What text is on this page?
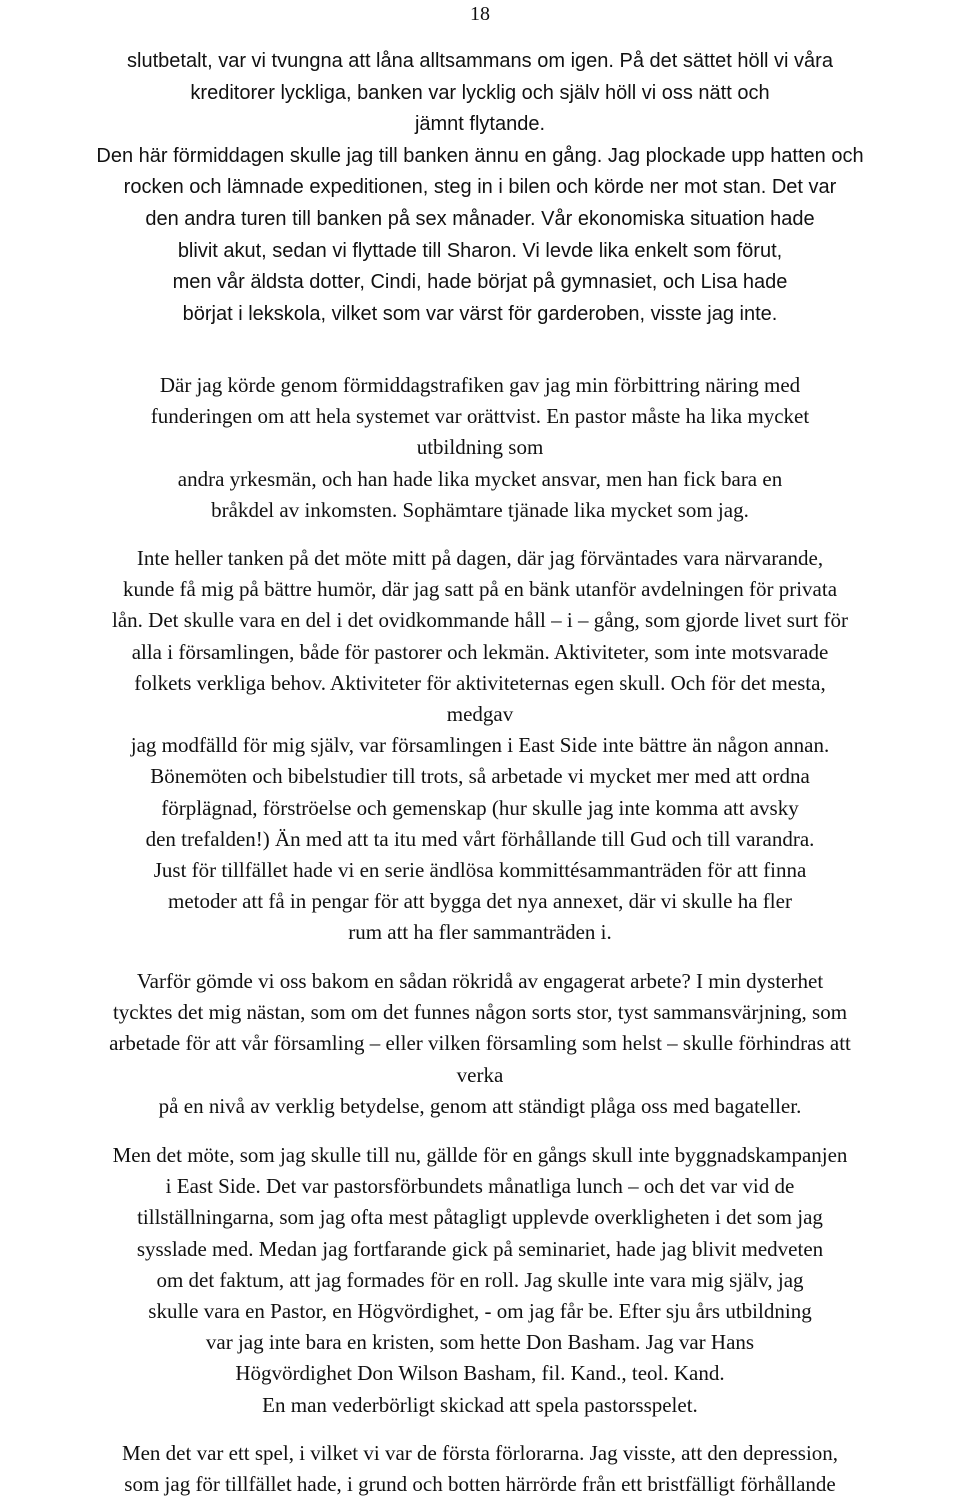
18
slutbetalt, var vi tvungna att låna alltsammans om igen. På det sättet höll vi våra
kreditorer lyckliga, banken var lycklig och själv höll vi oss nätt och
jämnt flytande.
Den här förmiddagen skulle jag till banken ännu en gång. Jag plockade upp hatten och
rocken och lämnade expeditionen, steg in i bilen och körde ner mot stan. Det var
den andra turen till banken på sex månader. Vår ekonomiska situation hade
blivit akut, sedan vi flyttade till Sharon. Vi levde lika enkelt som förut,
men vår äldsta dotter, Cindi, hade börjat på gymnasiet, och Lisa hade
börjat i lekskola, vilket som var värst för garderoben, visste jag inte.
Där jag körde genom förmiddagstrafiken gav jag min förbittring näring med
funderingen om att hela systemet var orättvist. En pastor måste ha lika mycket
utbildning som
andra yrkesmän, och han hade lika mycket ansvar, men han fick bara en
bråkdel av inkomsten. Sophämtare tjänade lika mycket som jag.
Inte heller tanken på det möte mitt på dagen, där jag förväntades vara närvarande,
kunde få mig på bättre humör, där jag satt på en bänk utanför avdelningen för privata
lån. Det skulle vara en del i det ovidkommande håll – i – gång, som gjorde livet surt för
alla i församlingen, både för pastorer och lekmän. Aktiviteter, som inte motsvarade
folkets verkliga behov. Aktiviteter för aktiviteternas egen skull. Och för det mesta,
medgav
jag modfälld för mig själv, var församlingen i East Side inte bättre än någon annan.
Bönemöten och bibelstudier till trots, så arbetade vi mycket mer med att ordna
förplägnad, förströelse och gemenskap (hur skulle jag inte komma att avsky
den trefalden!) Än med att ta itu med vårt förhållande till Gud och till varandra.
Just för tillfället hade vi en serie ändlösa kommittésammanträden för att finna
metoder att få in pengar för att bygga det nya annexet, där vi skulle ha fler
rum att ha fler sammanträden i.
Varför gömde vi oss bakom en sådan rökridå av engagerat arbete? I min dysterhet
tycktes det mig nästan, som om det funnes någon sorts stor, tyst sammansvärjning, som
arbetade för att vår församling – eller vilken församling som helst – skulle förhindras att
verka
på en nivå av verklig betydelse, genom att ständigt plåga oss med bagateller.
Men det möte, som jag skulle till nu, gällde för en gångs skull inte byggnadskampanjen
i East Side. Det var pastorsförbundets månatliga lunch – och det var vid de
tillställningarna, som jag ofta mest påtagligt upplevde overkligheten i det som jag
sysslade med. Medan jag fortfarande gick på seminariet, hade jag blivit medveten
om det faktum, att jag formades för en roll. Jag skulle inte vara mig själv, jag
skulle vara en Pastor, en Högvördighet, - om jag får be. Efter sju års utbildning
var jag inte bara en kristen, som hette Don Basham. Jag var Hans
Högvördighet Don Wilson Basham, fil. Kand., teol. Kand.
En man vederbörligt skickad att spela pastorsspelet.
Men det var ett spel, i vilket vi var de första förlorarna. Jag visste, att den depression,
som jag för tillfället hade, i grund och botten härrörde från ett bristfälligt förhållande
